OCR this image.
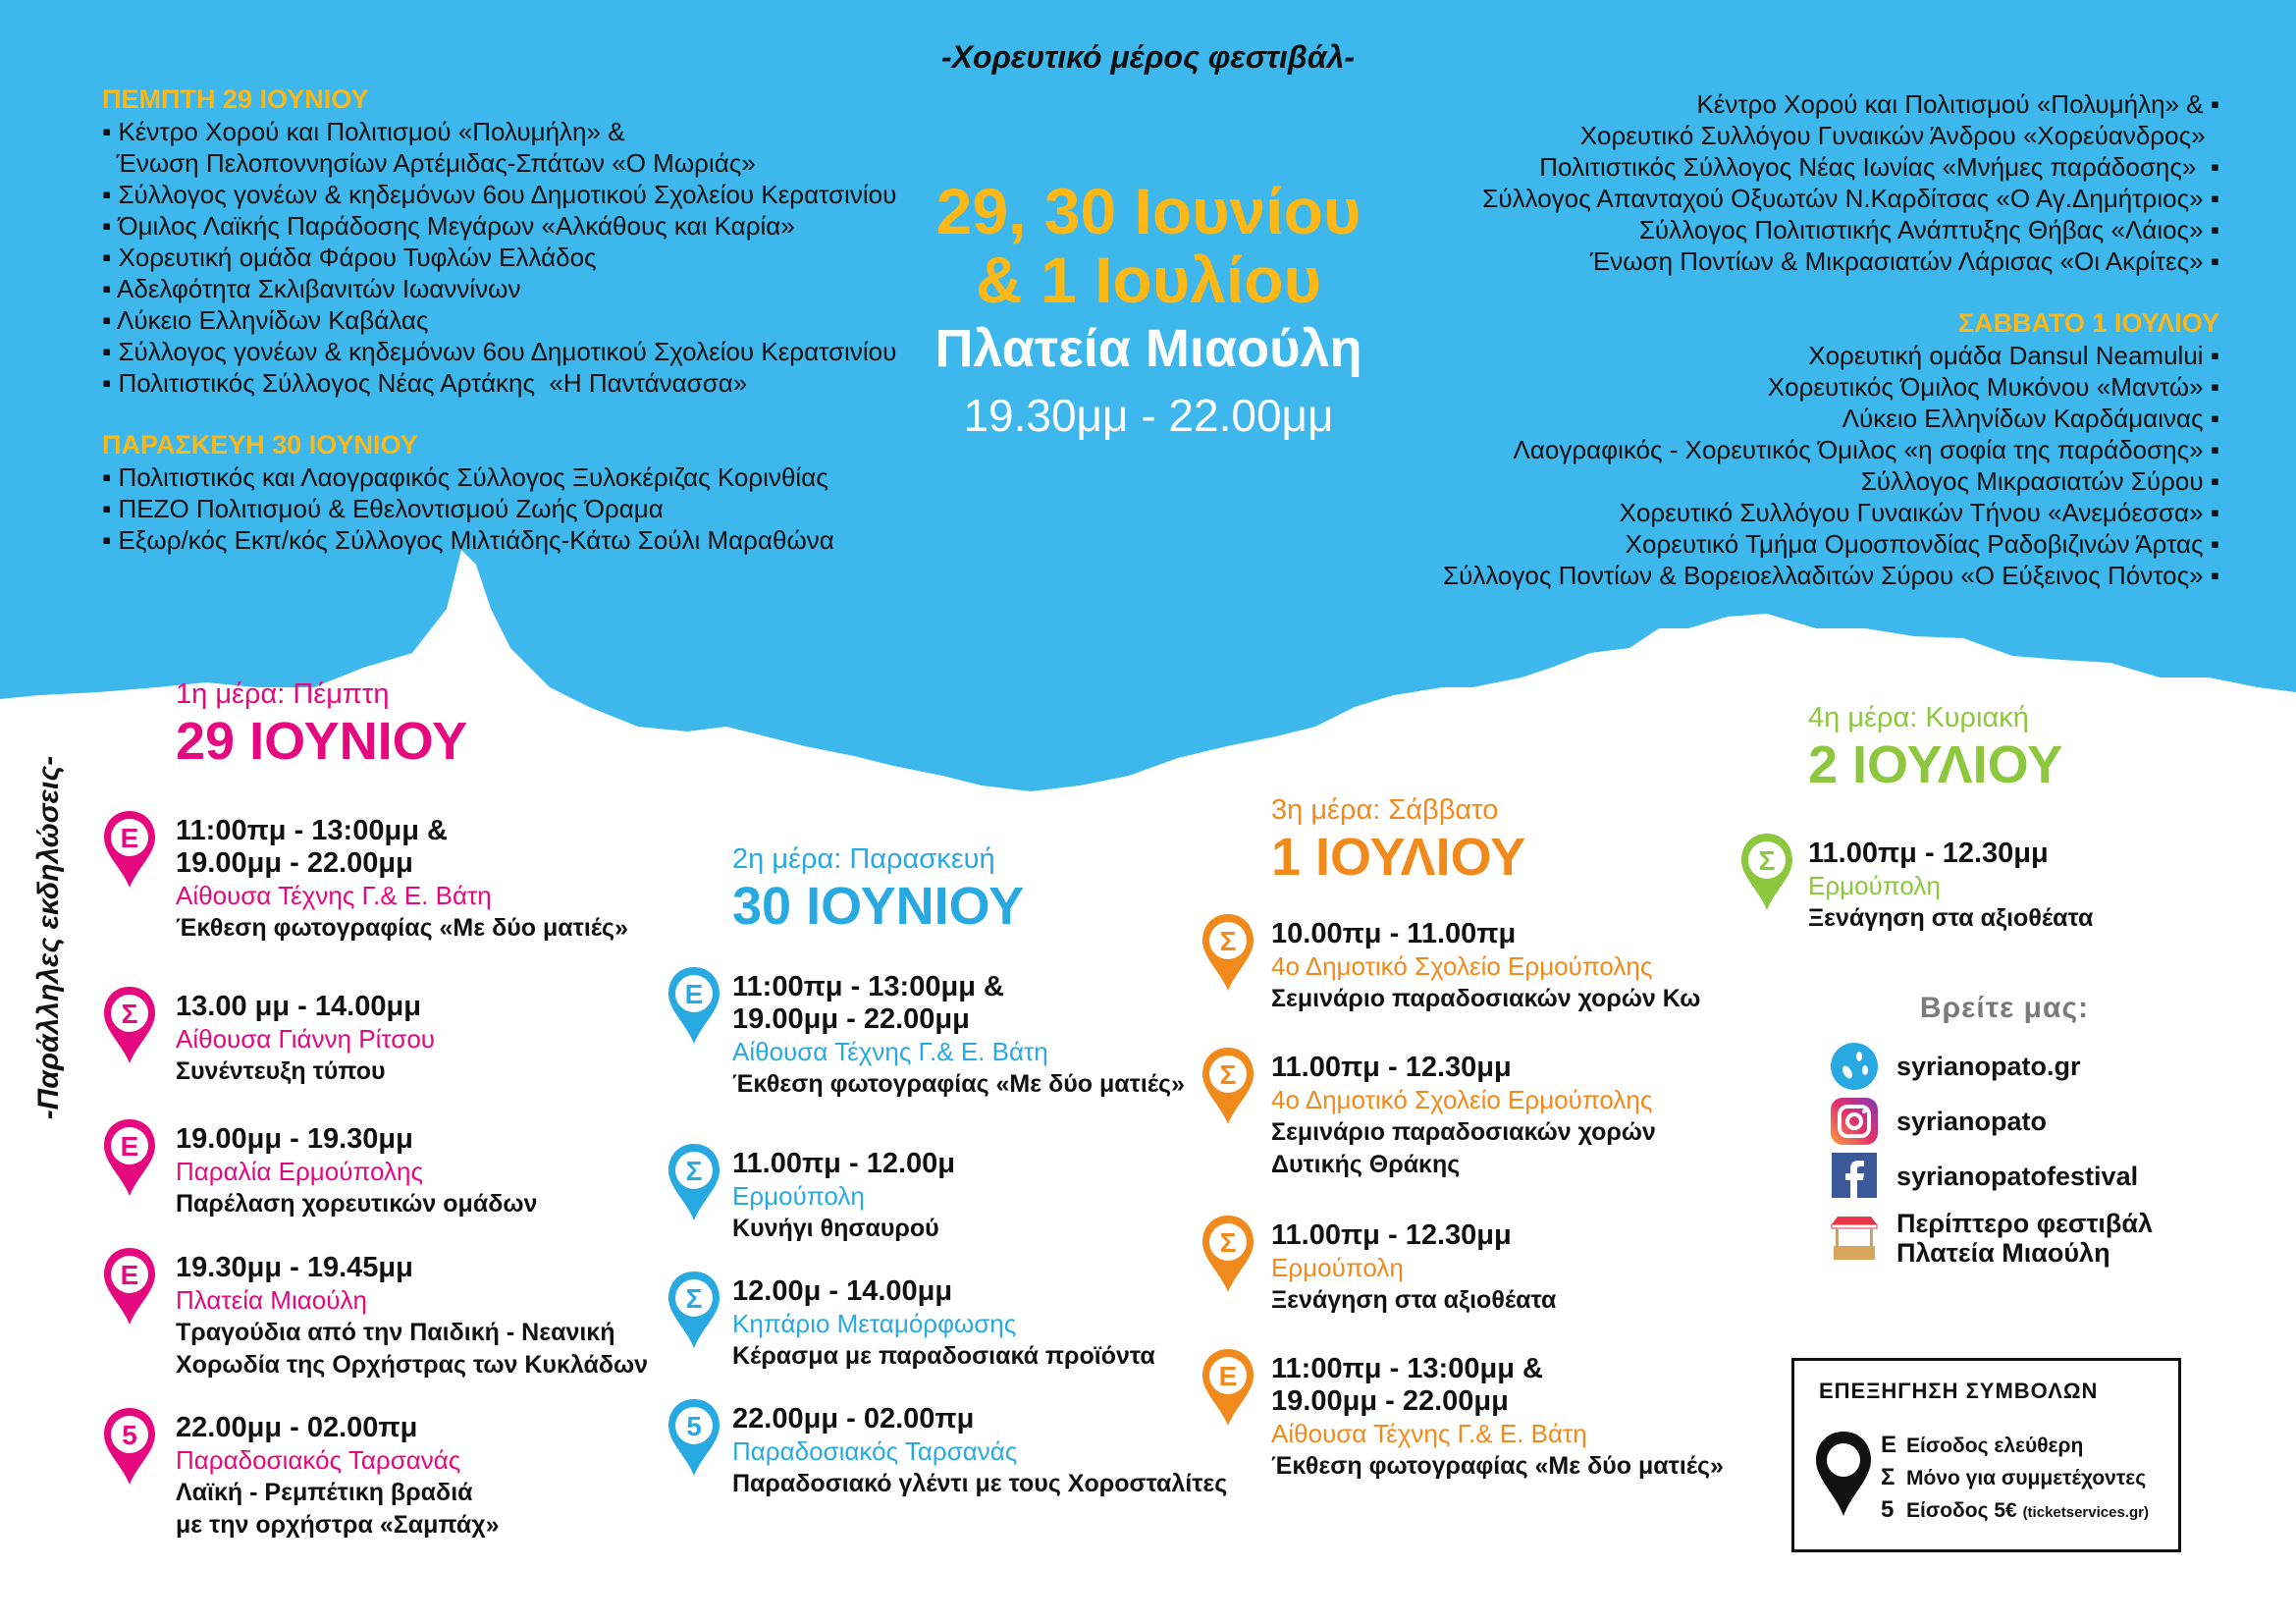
-Χορευτικό μέρος φεστιβάλ-
ΠΕΜΠΤΗ 29 ΙΟΥΝΙΟΥ
▪ Κέντρο Χορού και Πολιτισμού «Πολυμήλη» &
Ένωση Πελοποννησίων Αρτέμιδας-Σπάτων «Ο Μωριάς»
▪ Σύλλογος γονέων & κηδεμόνων 6ου Δημοτικού Σχολείου Κερατσινίου
▪ Όμιλος Λαϊκής Παράδοσης Μεγάρων «Αλκάθους και Καρία»
▪ Χορευτική ομάδα Φάρου Τυφλών Ελλάδος
▪ Αδελφότητα Σκλιβανιτών Ιωαννίνων
▪ Λύκειο Ελληνίδων Καβάλας
▪ Σύλλογος γονέων & κηδεμόνων 6ου Δημοτικού Σχολείου Κερατσινίου
▪ Πολιτιστικός Σύλλογος Νέας Αρτάκης  «Η Παντάνασσα»
ΠΑΡΑΣΚΕΥΗ 30 ΙΟΥΝΙΟΥ
▪ Πολιτιστικός και Λαογραφικός Σύλλογος Ξυλοκέριζας Κορινθίας
▪ ΠΕΖΟ Πολιτισμού & Εθελοντισμού Ζωής Όραμα
▪ Εξωρ/κός Εκπ/κός Σύλλογος Μιλτιάδης-Κάτω Σούλι Μαραθώνα
Κέντρο Χορού και Πολιτισμού «Πολυμήλη» & ▪
Χορευτικό Συλλόγου Γυναικών Άνδρου «Χορεύανδρος»
Πολιτιστικός Σύλλογος Νέας Ιωνίας «Μνήμες παράδοσης»  ▪
Σύλλογος Απανταχού Οξυωτών Ν.Καρδίτσας «Ο Αγ.Δημήτριος» ▪
Σύλλογος Πολιτιστικής Ανάπτυξης Θήβας «Λάιος» ▪
Ένωση Ποντίων & Μικρασιατών Λάρισας «Οι Ακρίτες» ▪
ΣΑΒΒΑΤΟ 1 ΙΟΥΛΙΟΥ
Χορευτική ομάδα Dansul Neamului ▪
Χορευτικός Όμιλος Μυκόνου «Μαντώ» ▪
Λύκειο Ελληνίδων Καρδάμαινας ▪
Λαογραφικός - Χορευτικός Όμιλος «η σοφία της παράδοσης» ▪
Σύλλογος Μικρασιατών Σύρου ▪
Χορευτικό Συλλόγου Γυναικών Τήνου «Ανεμόεσσα» ▪
Χορευτικό Τμήμα Ομοσπονδίας Ραδοβιζινών Άρτας ▪
Σύλλογος Ποντίων & Βορειοελλαδιτών Σύρου «Ο Εύξεινος Πόντος» ▪
29, 30 Ιουνίου
& 1 Ιουλίου
Πλατεία Μιαούλη
19.30μμ - 22.00μμ
-Παράλληλες εκδηλώσεις-
1η μέρα: Πέμπτη
29 ΙΟΥΝΙΟΥ
Ε 11:00πμ - 13:00μμ &
19.00μμ - 22.00μμ
Αίθουσα Τέχνης Γ.& Ε. Βάτη
Έκθεση φωτογραφίας «Με δύο ματιές»
Σ 13.00 μμ - 14.00μμ
Αίθουσα Γιάννη Ρίτσου
Συνέντευξη τύπου
Ε 19.00μμ - 19.30μμ
Παραλία Ερμούπολης
Παρέλαση χορευτικών ομάδων
Ε 19.30μμ - 19.45μμ
Πλατεία Μιαούλη
Τραγούδια από την Παιδική - Νεανική
Χορωδία της Ορχήστρας των Κυκλάδων
5 22.00μμ - 02.00πμ
Παραδοσιακός Ταρσανάς
Λαϊκή - Ρεμπέτικη βραδιά
με την ορχήστρα «Σαμπάχ»
2η μέρα: Παρασκευή
30 ΙΟΥΝΙΟΥ
Ε 11:00πμ - 13:00μμ &
19.00μμ - 22.00μμ
Αίθουσα Τέχνης Γ.& Ε. Βάτη
Έκθεση φωτογραφίας «Με δύο ματιές»
Σ 11.00πμ - 12.00μ
Ερμούπολη
Κυνήγι θησαυρού
Σ 12.00μ - 14.00μμ
Κηπάριο Μεταμόρφωσης
Κέρασμα με παραδοσιακά προϊόντα
5 22.00μμ - 02.00πμ
Παραδοσιακός Ταρσανάς
Παραδοσιακό γλέντι με τους Χοροσταλίτες
3η μέρα: Σάββατο
1 ΙΟΥΛΙΟΥ
Σ 10.00πμ - 11.00πμ
4ο Δημοτικό Σχολείο Ερμούπολης
Σεμινάριο παραδοσιακών χορών Κω
Σ 11.00πμ - 12.30μμ
4ο Δημοτικό Σχολείο Ερμούπολης
Σεμινάριο παραδοσιακών χορών
Δυτικής Θράκης
Σ 11.00πμ - 12.30μμ
Ερμούπολη
Ξενάγηση στα αξιοθέατα
Ε 11:00πμ - 13:00μμ &
19.00μμ - 22.00μμ
Αίθουσα Τέχνης Γ.& Ε. Βάτη
Έκθεση φωτογραφίας «Με δύο ματιές»
4η μέρα: Κυριακή
2 ΙΟΥΛΙΟΥ
Σ 11.00πμ - 12.30μμ
Ερμούπολη
Ξενάγηση στα αξιοθέατα
Βρείτε μας:
syrianopato.gr
syrianopato
syrianopatofestival
Περίπτερο φεστιβάλ
Πλατεία Μιαούλη
ΕΠΕΞΗΓΗΣΗ ΣΥΜΒΟΛΩΝ
Ε Είσοδος ελεύθερη
Σ Μόνο για συμμετέχοντες
5 Είσοδος 5€ (ticketservices.gr)
